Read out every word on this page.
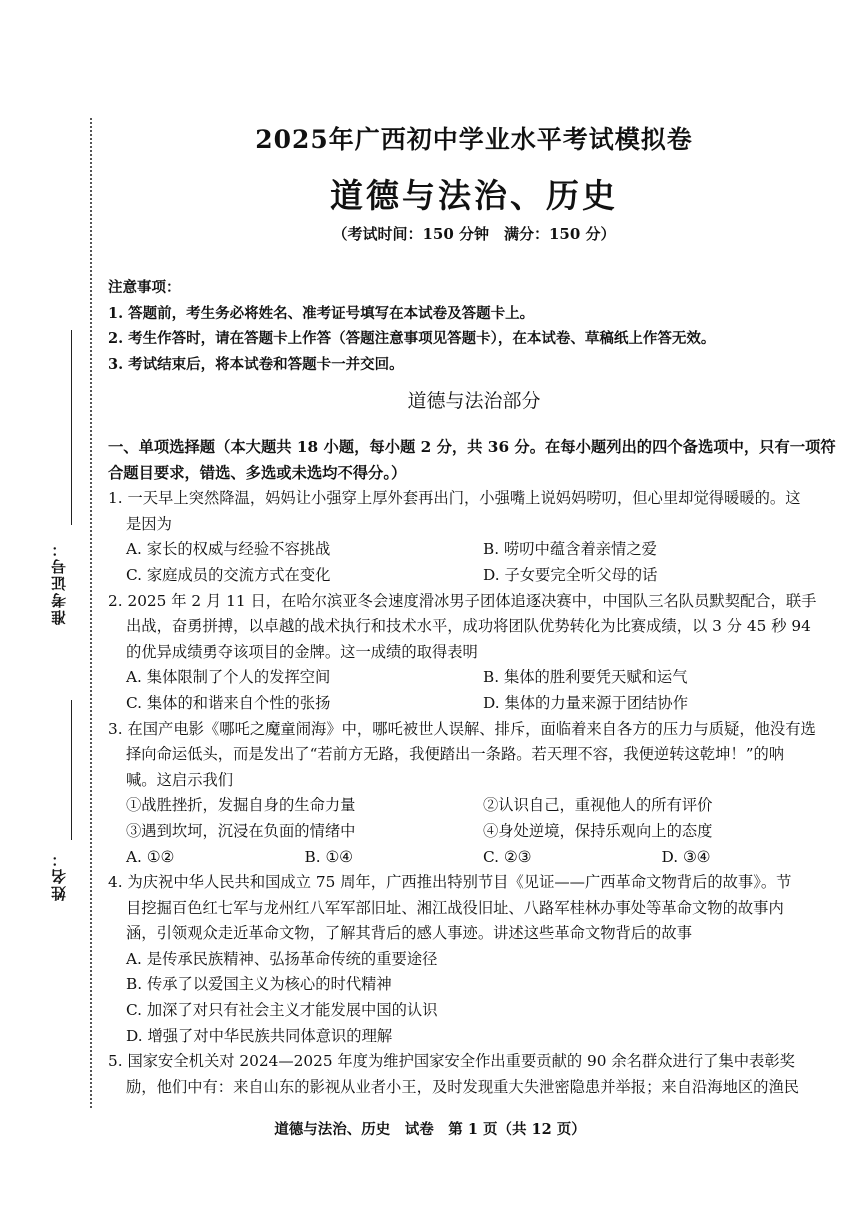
准考证号：
姓名：
2025年广西初中学业水平考试模拟卷
道德与法治、历史
（考试时间：150 分钟　满分：150 分）
注意事项：
1. 答题前，考生务必将姓名、准考证号填写在本试卷及答题卡上。
2. 考生作答时，请在答题卡上作答（答题注意事项见答题卡），在本试卷、草稿纸上作答无效。
3. 考试结束后，将本试卷和答题卡一并交回。
道德与法治部分
一、单项选择题（本大题共 18 小题，每小题 2 分，共 36 分。在每小题列出的四个备选项中，只有一项符
合题目要求，错选、多选或未选均不得分。）
1. 一天早上突然降温，妈妈让小强穿上厚外套再出门，小强嘴上说妈妈唠叨，但心里却觉得暖暖的。这
是因为
A. 家长的权威与经验不容挑战	B. 唠叨中蕴含着亲情之爱
C. 家庭成员的交流方式在变化	D. 子女要完全听父母的话
2. 2025 年 2 月 11 日，在哈尔滨亚冬会速度滑冰男子团体追逐决赛中，中国队三名队员默契配合，联手
出战，奋勇拼搏，以卓越的战术执行和技术水平，成功将团队优势转化为比赛成绩，以 3 分 45 秒 94
的优异成绩勇夺该项目的金牌。这一成绩的取得表明
A. 集体限制了个人的发挥空间	B. 集体的胜利要凭天赋和运气
C. 集体的和谐来自个性的张扬	D. 集体的力量来源于团结协作
3. 在国产电影《哪吒之魔童闹海》中，哪吒被世人误解、排斥，面临着来自各方的压力与质疑，他没有选
择向命运低头，而是发出了“若前方无路，我便踏出一条路。若天理不容，我便逆转这乾坤！”的呐
喊。这启示我们
①战胜挫折，发掘自身的生命力量	②认识自己，重视他人的所有评价
③遇到坎坷，沉浸在负面的情绪中	④身处逆境，保持乐观向上的态度
A. ①②	B. ①④	C. ②③	D. ③④
4. 为庆祝中华人民共和国成立 75 周年，广西推出特别节目《见证——广西革命文物背后的故事》。节
目挖掘百色红七军与龙州红八军军部旧址、湘江战役旧址、八路军桂林办事处等革命文物的故事内
涵，引领观众走近革命文物，了解其背后的感人事迹。讲述这些革命文物背后的故事
A. 是传承民族精神、弘扬革命传统的重要途径
B. 传承了以爱国主义为核心的时代精神
C. 加深了对只有社会主义才能发展中国的认识
D. 增强了对中华民族共同体意识的理解
5. 国家安全机关对 2024—2025 年度为维护国家安全作出重要贡献的 90 余名群众进行了集中表彰奖
励，他们中有：来自山东的影视从业者小王，及时发现重大失泄密隐患并举报；来自沿海地区的渔民
道德与法治、历史　试卷　第 1 页（共 12 页）
